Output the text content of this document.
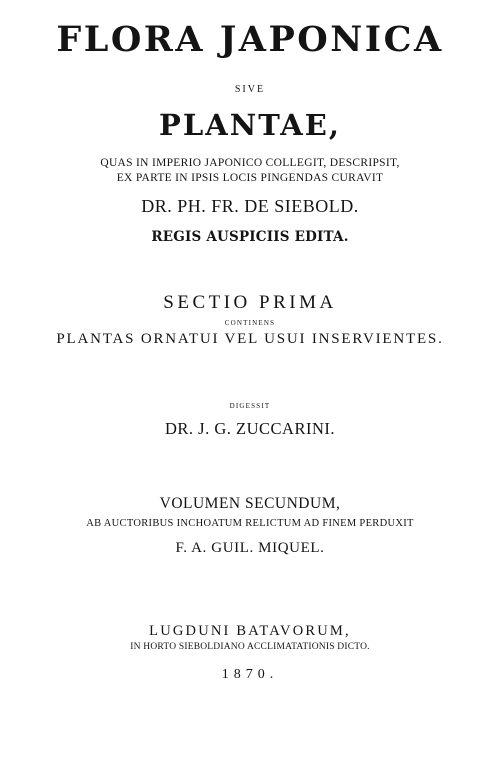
FLORA JAPONICA
SIVE
PLANTAE,
QUAS IN IMPERIO JAPONICO COLLEGIT, DESCRIPSIT,
EX PARTE IN IPSIS LOCIS PINGENDAS CURAVIT
DR. PH. FR. DE SIEBOLD.
REGIS AUSPICIIS EDITA.
SECTIO PRIMA
CONTINENS
PLANTAS ORNATUI VEL USUI INSERVIENTES.
DIGESSIT
DR. J. G. ZUCCARINI.
VOLUMEN SECUNDUM,
AB AUCTORIBUS INCHOATUM RELICTUM AD FINEM PERDUXIT
F. A. GUIL. MIQUEL.
LUGDUNI BATAVORUM,
IN HORTO SIEBOLDIANO ACCLIMATATIONIS DICTO.
1870.
